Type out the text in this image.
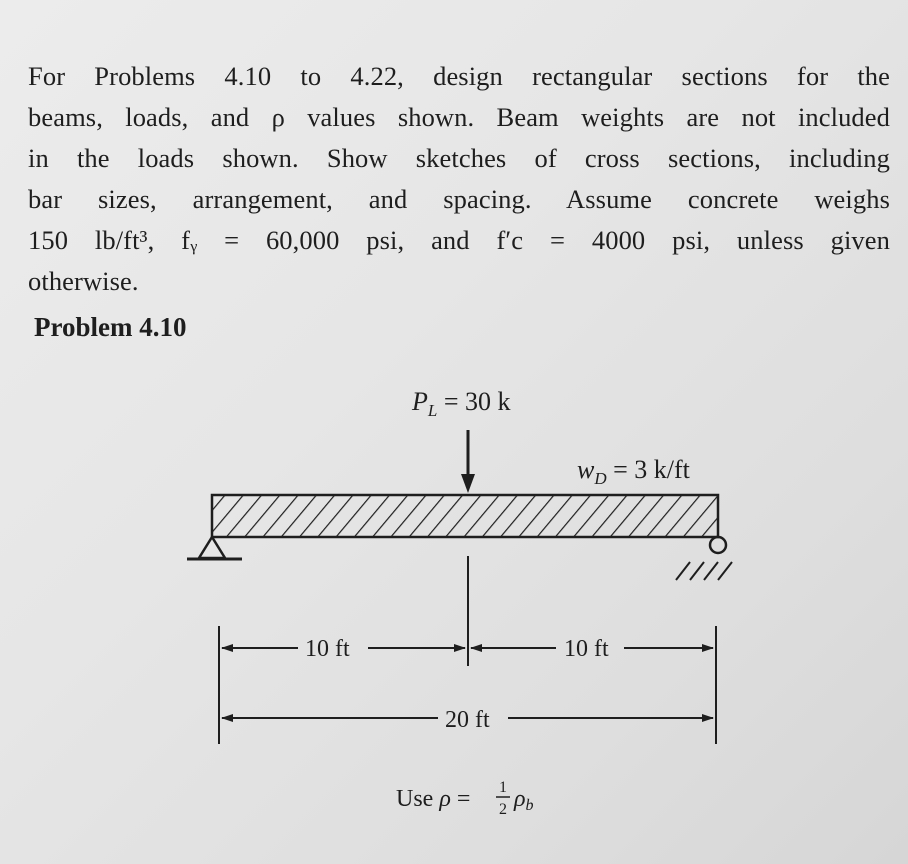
For Problems 4.10 to 4.22, design rectangular sections for the
beams, loads, and ρ values shown. Beam weights are not included
in the loads shown. Show sketches of cross sections, including
bar sizes, arrangement, and spacing. Assume concrete weighs
150 lb/ft³, fᵧ = 60,000 psi, and f′c = 4000 psi, unless given
otherwise.
Problem 4.10
$P_L = 30$ k
$w_D = 3$ k/ft
10 ft	10 ft
20 ft
Use ρ = 1
2 ρb
